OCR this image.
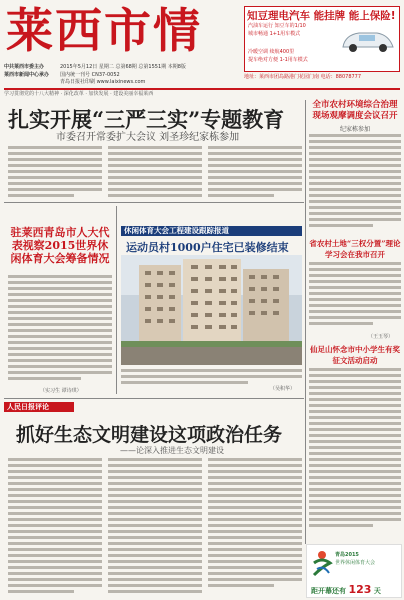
莱西市情	知豆理电汽车 能挂牌 能上保险!
汽油车运行 知豆车的1/10
城市畅通 1+1用车模式
冷暖空调 续航400里
提车绝对方便 1-1用车模式
地址：莱西市团岛路港门花园门南 电话：88078777
中共莱西市委主办
莱西市新闻中心承办
2015年5月12日 星期二 总第68期 总第1551期 本期8版
国内统一刊号 CN37-0052
青岛日报社印刷 www.laixinews.com
学习贯彻党的十八大精神 · 深化改革 · 加快发展 · 建设美丽幸福莱西
扎实开展“三严三实”专题教育
市委召开常委扩大会议 刘圣珍纪家栋参加
驻莱西青岛市人大代表视察2015世界休闲体育大会筹备情况
（实习生 谭诗琪）
休闲体育大会工程建设跟踪报道
运动员村1000户住宅已装修结束
（吴积华）
全市农村环境综合治理现场观摩调度会议召开
纪家栋参加
省农村土地“三权分置”理论学习会在我市召开
（王玉琴）
仙足山怀念市中小学生有奖征文活动启动
人民日报评论
抓好生态文明建设这项政治任务
——论深入推进生态文明建设
青岛2015
世界休闲体育大会
距开幕还有 123 天
